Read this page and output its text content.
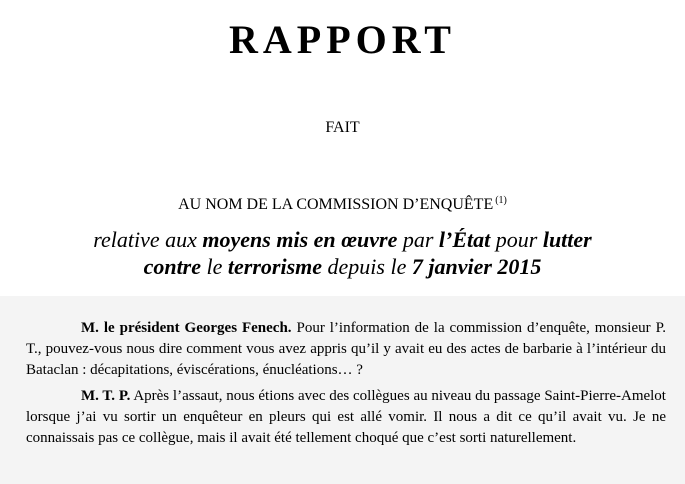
RAPPORT
FAIT
AU NOM DE LA COMMISSION D’ENQUÊTE $^{(1)}$
relative aux moyens mis en œuvre par l’État pour lutter
contre le terrorisme depuis le 7 janvier 2015

M. le président Georges Fenech. Pour l’information de la commission d’enquête, monsieur P. T., pouvez-vous nous dire comment vous avez appris qu’il y avait eu des actes de barbarie à l’intérieur du Bataclan : décapitations, éviscérations, énucléations… ?

M. T. P. Après l’assaut, nous étions avec des collègues au niveau du passage Saint-Pierre-Amelot lorsque j’ai vu sortir un enquêteur en pleurs qui est allé vomir. Il nous a dit ce qu’il avait vu. Je ne connaissais pas ce collègue, mais il avait été tellement choqué que c’est sorti naturellement.
